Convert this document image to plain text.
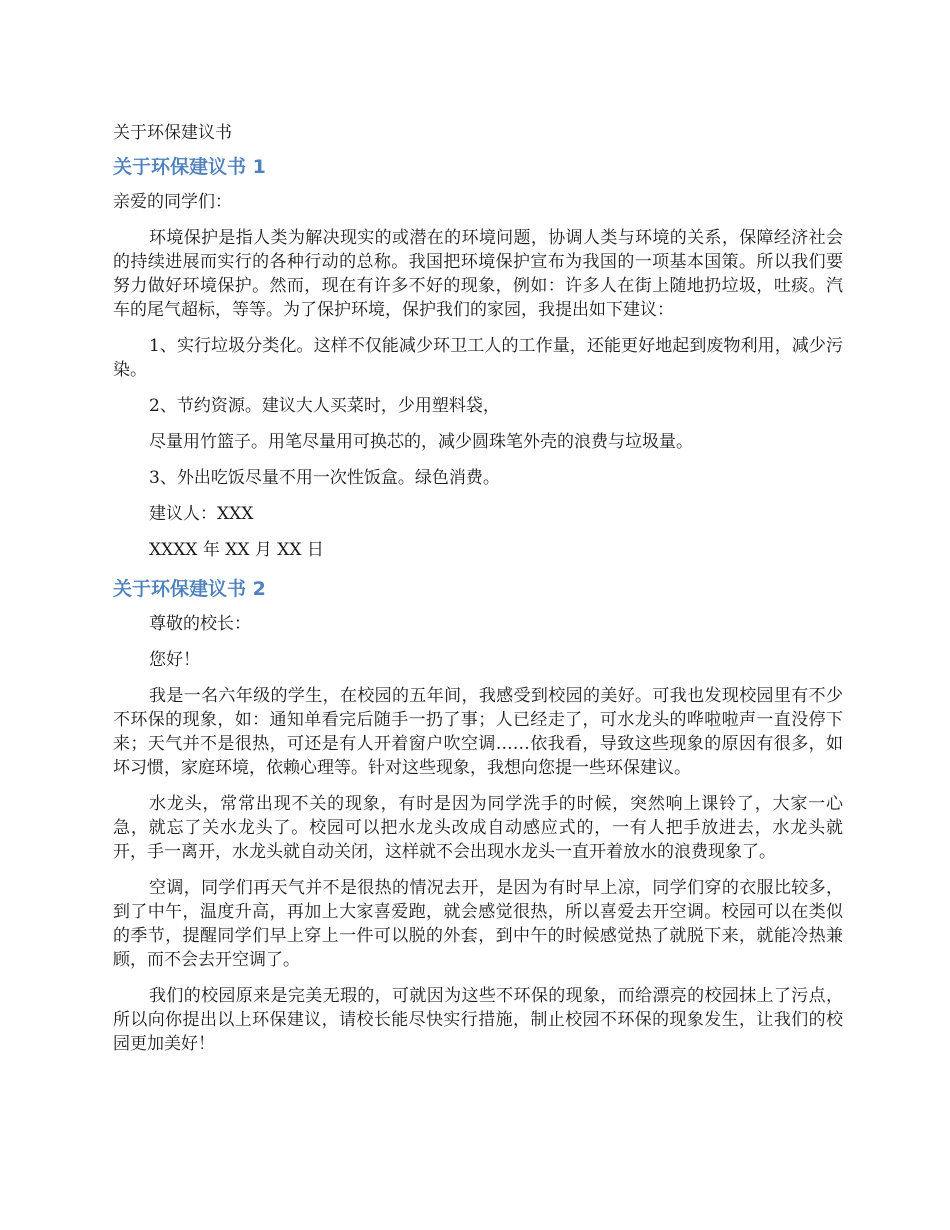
关于环保建议书
关于环保建议书 1

亲爱的同学们：

环境保护是指人类为解决现实的或潜在的环境问题，协调人类与环境的关系，保障经济社会的持续进展而实行的各种行动的总称。我国把环境保护宣布为我国的一项基本国策。所以我们要努力做好环境保护。然而，现在有许多不好的现象，例如：许多人在街上随地扔垃圾，吐痰。汽车的尾气超标，等等。为了保护环境，保护我们的家园，我提出如下建议：

1、实行垃圾分类化。这样不仅能减少环卫工人的工作量，还能更好地起到废物利用，减少污染。

2、节约资源。建议大人买菜时，少用塑料袋，

尽量用竹篮子。用笔尽量用可换芯的，减少圆珠笔外壳的浪费与垃圾量。

3、外出吃饭尽量不用一次性饭盒。绿色消费。

建议人：XXX

XXXX 年 XX 月 XX 日

关于环保建议书 2

尊敬的校长：

您好！

我是一名六年级的学生，在校园的五年间，我感受到校园的美好。可我也发现校园里有不少不环保的现象，如：通知单看完后随手一扔了事；人已经走了，可水龙头的哗啦啦声一直没停下来；天气并不是很热，可还是有人开着窗户吹空调……依我看，导致这些现象的原因有很多，如坏习惯，家庭环境，依赖心理等。针对这些现象，我想向您提一些环保建议。

水龙头，常常出现不关的现象，有时是因为同学洗手的时候，突然响上课铃了，大家一心急，就忘了关水龙头了。校园可以把水龙头改成自动感应式的，一有人把手放进去，水龙头就开，手一离开，水龙头就自动关闭，这样就不会出现水龙头一直开着放水的浪费现象了。

空调，同学们再天气并不是很热的情况去开，是因为有时早上凉，同学们穿的衣服比较多，到了中午，温度升高，再加上大家喜爱跑，就会感觉很热，所以喜爱去开空调。校园可以在类似的季节，提醒同学们早上穿上一件可以脱的外套，到中午的时候感觉热了就脱下来，就能冷热兼顾，而不会去开空调了。

我们的校园原来是完美无瑕的，可就因为这些不环保的现象，而给漂亮的校园抹上了污点，所以向你提出以上环保建议，请校长能尽快实行措施，制止校园不环保的现象发生，让我们的校园更加美好！
